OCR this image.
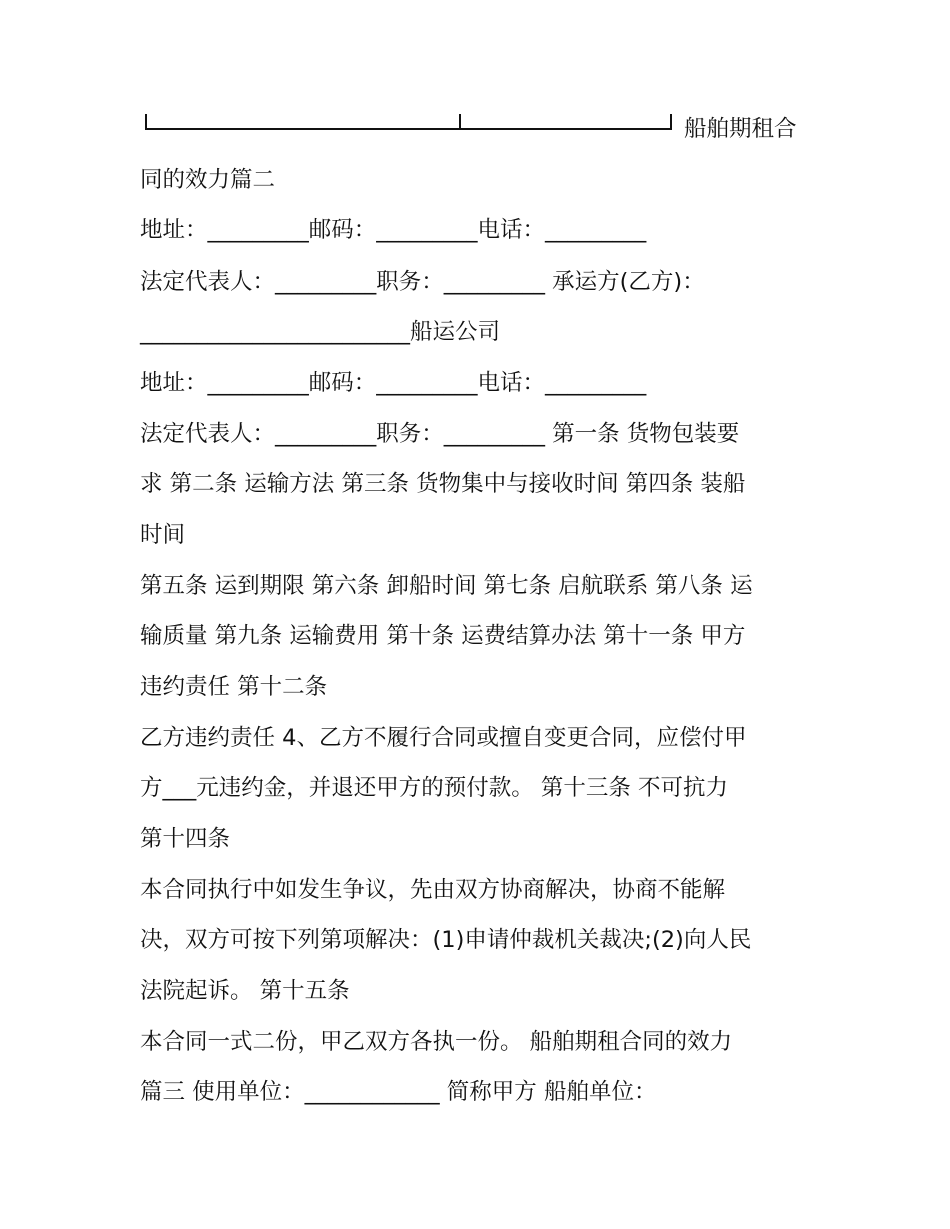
船舶期租合
同的效力篇二
地址：_________邮码：_________电话：_________
法定代表人：_________职务：_________ 承运方(乙方)：
________________________船运公司
地址：_________邮码：_________电话：_________
法定代表人：_________职务：_________ 第一条 货物包装要
求 第二条 运输方法 第三条 货物集中与接收时间 第四条 装船
时间
第五条 运到期限 第六条 卸船时间 第七条 启航联系 第八条 运
输质量 第九条 运输费用 第十条 运费结算办法 第十一条 甲方
违约责任 第十二条
乙方违约责任 4、乙方不履行合同或擅自变更合同，应偿付甲
方___元违约金，并退还甲方的预付款。 第十三条 不可抗力
第十四条
本合同执行中如发生争议，先由双方协商解决，协商不能解
决，双方可按下列第项解决：(1)申请仲裁机关裁决;(2)向人民
法院起诉。 第十五条
本合同一式二份，甲乙双方各执一份。 船舶期租合同的效力
篇三 使用单位：____________ 简称甲方 船舶单位：
